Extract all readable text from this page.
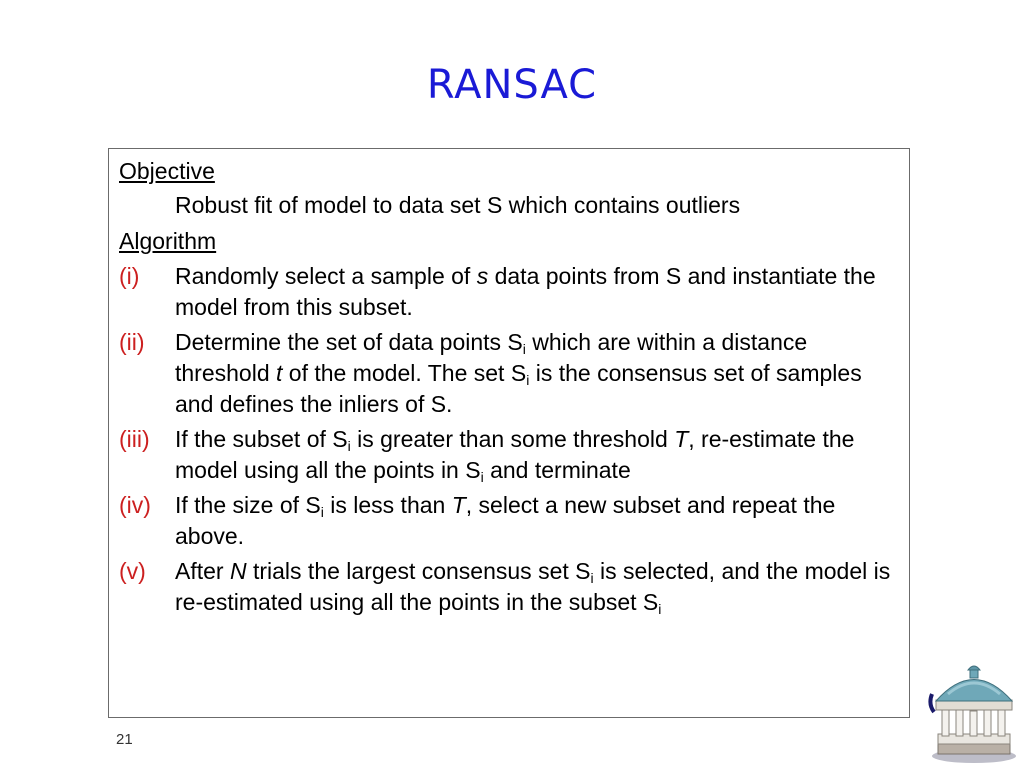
RANSAC
Objective
Robust fit of model to data set S which contains outliers
Algorithm
(i)	Randomly select a sample of s data points from S and instantiate the model from this subset.
(ii)	Determine the set of data points $S_i$ which are within a distance threshold t of the model. The set $S_i$ is the consensus set of samples and defines the inliers of S.
(iii)	If the subset of $S_i$ is greater than some threshold T, re-estimate the model using all the points in $S_i$ and terminate
(iv)	If the size of $S_i$ is less than T, select a new subset and repeat the above.
(v)	After N trials the largest consensus set $S_i$ is selected, and the model is re-estimated using all the points in the subset $S_i$
21
